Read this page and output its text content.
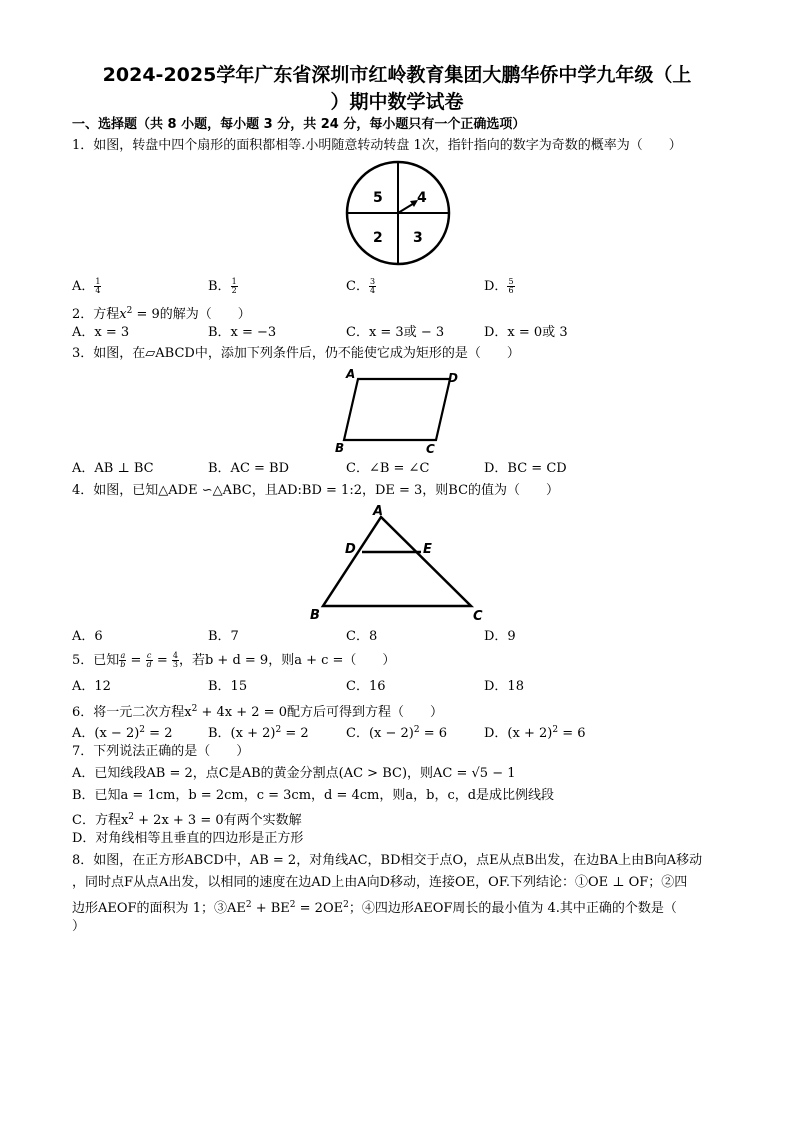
2024-2025学年广东省深圳市红岭教育集团大鹏华侨中学九年级（上
）期中数学试卷
一、选择题（共 8 小题，每小题 3 分，共 24 分，每小题只有一个正确选项）
1．如图，转盘中四个扇形的面积都相等.小明随意转动转盘 1次，指针指向的数字为奇数的概率为（　　）
5 4
2 3
A． $\frac{1}{4}$	B． $\frac{1}{2}$	C． $\frac{3}{4}$	D． $\frac{5}{6}$
2．方程$x^2 = 9$的解为（　　）
A．x = 3	B．x = −3	C．x = 3或 − 3	D．x = 0或 3
3．如图，在▱ABCD中，添加下列条件后，仍不能使它成为矩形的是（　　）
A	D
B	C
A．AB ⊥ BC	B．AC = BD	C．∠B = ∠C	D．BC = CD
4．如图，已知△ADE ∽△ABC，且AD:BD = 1:2，DE = 3，则BC的值为（　　）
A
D	E
B	C
A．6	B．7	C．8	D．9
5．已知 $\frac{a}{b} = \frac{c}{d} = \frac{4}{3}$ ，若b + d = 9，则a + c =（　　）
A．12	B．15	C．16	D．18
6．将一元二次方程$x^2 + 4x + 2 = 0$配方后可得到方程（　　）
A．$(x - 2)^2 = 2$	B．$(x + 2)^2 = 2$	C．$(x - 2)^2 = 6$	D．$(x + 2)^2 = 6$
7．下列说法正确的是（　　）
A．已知线段AB = 2，点C是AB的黄金分割点(AC > BC)，则AC = √5 − 1
B．已知a = 1cm，b = 2cm，c = 3cm，d = 4cm，则a，b，c，d是成比例线段
C．方程$x^2 + 2x + 3 = 0$有两个实数解
D．对角线相等且垂直的四边形是正方形
8．如图，在正方形ABCD中，AB = 2，对角线AC，BD相交于点O，点E从点B出发，在边BA上由B向A移动
，同时点F从点A出发，以相同的速度在边AD上由A向D移动，连接OE，OF.下列结论：①OE ⊥ OF；②四
边形AEOF的面积为 1；$③AE^2 + BE^2 = 2OE^2$；④四边形AEOF周长的最小值为 4.其中正确的个数是（
）
